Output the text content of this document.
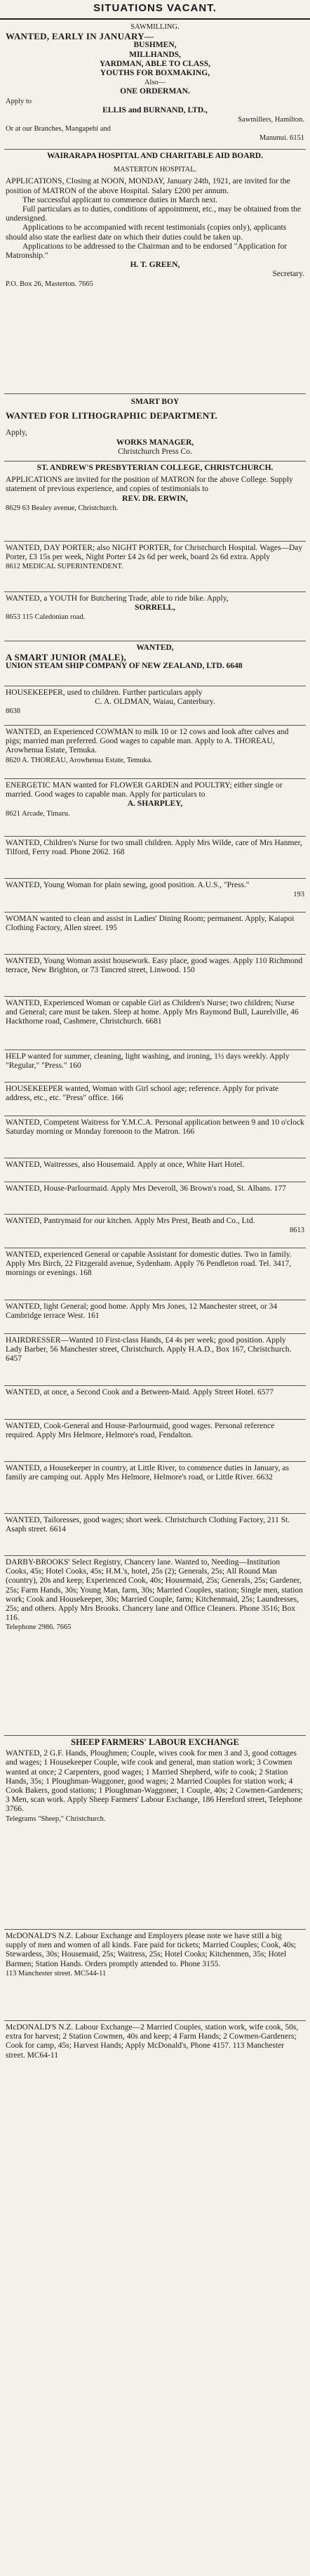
SITUATIONS VACANT.

SAWMILLING.

WANTED, EARLY IN JANUARY—

BUSHMEN,

MILLHANDS,

YARDMAN, ABLE TO CLASS,

YOUTHS FOR BOXMAKING,

Also—

ONE ORDERMAN.

Apply to

ELLIS and BURNAND, LTD.,

Sawmillers, Hamilton.

Or at our Branches, Mangapehi and

Manunui. 6151

WAIRARAPA HOSPITAL AND CHARITABLE AID BOARD.

MASTERTON HOSPITAL.

APPLICATIONS, Closing at NOON, MONDAY, January 24th, 1921, are invited for the position of MATRON of the above Hospital. Salary £200 per annum.

The successful applicant to commence duties in March next.

Full particulars as to duties, conditions of appointment, etc., may be obtained from the undersigned.

Applications to be accompanied with recent testimonials (copies only), applicants should also state the earliest date on which their duties could be taken up.

Applications to be addressed to the Chairman and to be endorsed "Application for Matronship."

H. T. GREEN,

Secretary.

P.O. Box 26, Masterton. 7665

SMART BOY

WANTED FOR LITHOGRAPHIC DEPARTMENT.

Apply,

WORKS MANAGER,

Christchurch Press Co.

ST. ANDREW'S PRESBYTERIAN COLLEGE, CHRISTCHURCH.

APPLICATIONS are invited for the position of MATRON for the above College. Supply statement of previous experience, and copies of testimonials to

REV. DR. ERWIN,

8629 63 Bealey avenue, Christchurch.

WANTED, DAY PORTER; also NIGHT PORTER, for Christchurch Hospital. Wages—Day Porter, £3 15s per week, Night Porter £4 2s 6d per week, board 2s 6d extra. Apply

8612 MEDICAL SUPERINTENDENT.

WANTED, a YOUTH for Butchering Trade, able to ride bike. Apply,

SORRELL,

8653 115 Caledonian road.

WANTED,

A SMART JUNIOR (MALE),

UNION STEAM SHIP COMPANY OF NEW ZEALAND, LTD. 6648

HOUSEKEEPER, used to children. Further particulars apply

C. A. OLDMAN, Waiau, Canterbury.

8638

WANTED, an Experienced COWMAN to milk 10 or 12 cows and look after calves and pigs; married man preferred. Good wages to capable man. Apply to A. THOREAU, Arowhenua Estate, Temuka.

8620 A. THOREAU, Arowhenua Estate, Temuka.

ENERGETIC MAN wanted for FLOWER GARDEN and POULTRY; either single or married. Good wages to capable man. Apply for particulars to

A. SHARPLEY,

8621 Arcade, Timaru.

WANTED, Children's Nurse for two small children. Apply Mrs Wilde, care of Mrs Hanmer, Tilford, Ferry road. Phone 2062. 168

WANTED, Young Woman for plain sewing, good position. A.U.S., "Press."

193

WOMAN wanted to clean and assist in Ladies' Dining Room; permanent. Apply, Kaiapoi Clothing Factory, Allen street. 195

WANTED, Young Woman assist housework. Easy place, good wages. Apply 110 Richmond terrace, New Brighton, or 73 Tancred street, Linwood. 150

WANTED, Experienced Woman or capable Girl as Children's Nurse; two children; Nurse and General; care must be taken. Sleep at home. Apply Mrs Raymond Bull, Laurelville, 46 Hackthorne road, Cashmere, Christchurch. 6681

HELP wanted for summer, cleaning, light washing, and ironing, 1½ days weekly. Apply "Regular," "Press." 160

HOUSEKEEPER wanted, Woman with Girl school age; reference. Apply for private address, etc., etc. "Press" office. 166

WANTED, Competent Waitress for Y.M.C.A. Personal application between 9 and 10 o'clock Saturday morning or Monday forenoon to the Matron. 166

WANTED, Waitresses, also Housemaid. Apply at once, White Hart Hotel.

WANTED, House-Parlourmaid. Apply Mrs Deveroll, 36 Brown's road, St. Albans. 177

WANTED, Pantrymaid for our kitchen. Apply Mrs Prest, Beath and Co., Ltd.

8613

WANTED, experienced General or capable Assistant for domestic duties. Two in family. Apply Mrs Birch, 22 Fitzgerald avenue, Sydenham. Apply 76 Pendleton road. Tel. 3417, mornings or evenings. 168

WANTED, light General; good home. Apply Mrs Jones, 12 Manchester street, or 34 Cambridge terrace West. 161

HAIRDRESSER—Wanted 10 First-class Hands, £4 4s per week; good position. Apply Lady Barber, 56 Manchester street, Christchurch. Apply H.A.D., Box 167, Christchurch. 6457

WANTED, at once, a Second Cook and a Between-Maid. Apply Street Hotel. 6577

WANTED, Cook-General and House-Parlourmaid, good wages. Personal reference required. Apply Mrs Helmore, Helmore's road, Fendalton.

WANTED, a Housekeeper in country, at Little River, to commence duties in January, as family are camping out. Apply Mrs Helmore, Helmore's road, or Little River. 6632

WANTED, Tailoresses, good wages; short week. Christchurch Clothing Factory, 211 St. Asaph street. 6614

DARBY-BROOKS' Select Registry, Chancery lane. Wanted to, Needing—Institution Cooks, 45s; Hotel Cooks, 45s; H.M.'s, hotel, 25s (2); Generals, 25s; All Round Man (country), 20s and keep; Experienced Cook, 40s; Housemaid, 25s; Generals, 25s; Gardener, 25s; Farm Hands, 30s; Young Man, farm, 30s; Married Couples, station; Single men, station work; Cook and Housekeeper, 30s; Married Couple, farm; Kitchenmaid, 25s; Laundresses, 25s; and others. Apply Mrs Brooks. Chancery lane and Office Cleaners. Phone 3516; Box 116.

Telephone 2986. 7665

SHEEP FARMERS' LABOUR EXCHANGE

WANTED, 2 G.F. Hands, Ploughmen; Couple, wives cook for men 3 and 3, good cottages and wages; 1 Housekeeper Couple, wife cook and general, man station work; 3 Cowmen wanted at once; 2 Carpenters, good wages; 1 Married Shepherd, wife to cook; 2 Station Hands, 35s; 1 Ploughman-Waggoner, good wages; 2 Married Couples for station work; 4 Cook Bakers, good stations; 1 Ploughman-Waggoner, 1 Couple, 40s; 2 Cowmen-Gardeners; 3 Men, scan work. Apply Sheep Farmers' Labour Exchange, 186 Hereford street, Telephone 3766.

Telegrams "Sheep," Christchurch.

McDONALD'S N.Z. Labour Exchange and Employers please note we have still a big supply of men and women of all kinds. Fare paid for tickets; Married Couples; Cook, 40s; Stewardess, 30s; Housemaid, 25s; Waitress, 25s; Hotel Cooks; Kitchenmen, 35s; Hotel Barmen; Station Hands. Orders promptly attended to. Phone 3155.

113 Manchester street. MC544-11

McDONALD'S N.Z. Labour Exchange—2 Married Couples, station work, wife cook, 50s, extra for harvest; 2 Station Cowmen, 40s and keep; 4 Farm Hands; 2 Cowmen-Gardeners; Cook for camp, 45s; Harvest Hands; Apply McDonald's, Phone 4157. 113 Manchester street. MC64-11
